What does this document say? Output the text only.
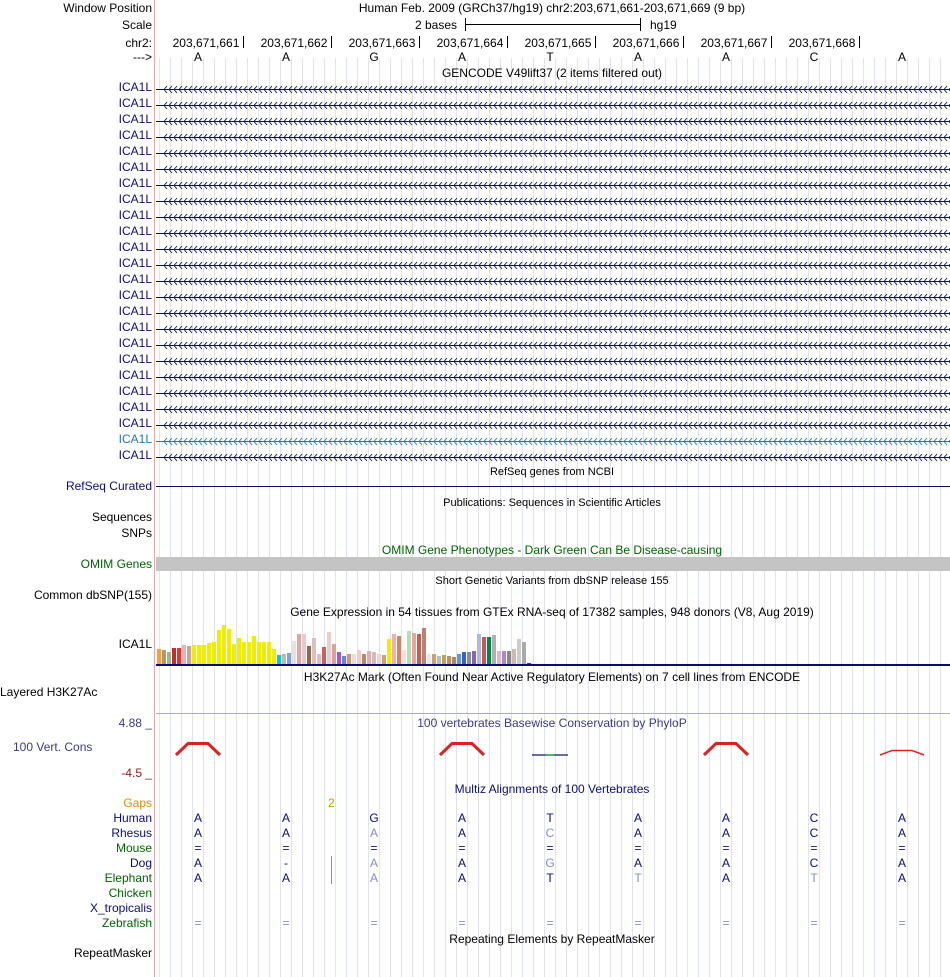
Window Position	Human Feb. 2009 (GRCh37/hg19) chr2:203,671,661-203,671,669 (9 bp)
Scale	2 bases	hg19
chr2: 203,671,661 203,671,662 203,671,663 203,671,664 203,671,665 203,671,666 203,671,667 203,671,668
--->	A	A	G	A	T	A	A	C	A
GENCODE V49lift37 (2 items filtered out)
ICA1L
ICA1L
ICA1L
ICA1L
ICA1L
ICA1L
ICA1L
ICA1L
ICA1L
ICA1L
ICA1L
ICA1L
ICA1L
ICA1L
ICA1L
ICA1L
ICA1L
ICA1L
ICA1L
ICA1L
ICA1L
ICA1L
ICA1L
ICA1L
RefSeq genes from NCBI
RefSeq Curated
Publications: Sequences in Scientific Articles
Sequences
SNPs
OMIM Gene Phenotypes - Dark Green Can Be Disease-causing
OMIM Genes
Short Genetic Variants from dbSNP release 155
Common dbSNP(155)
Gene Expression in 54 tissues from GTEx RNA-seq of 17382 samples, 948 donors (V8, Aug 2019)
ICA1L
H3K27Ac Mark (Often Found Near Active Regulatory Elements) on 7 cell lines from ENCODE
Layered H3K27Ac
100 vertebrates Basewise Conservation by PhyloP
4.88 _
100 Vert. Cons
-4.5 _
Multiz Alignments of 100 Vertebrates
Gaps	2
Human	A	A	G	A	T	A	A	C	A
Rhesus	A	A	A	A	C	A	A	C	A
Mouse	=	=	=	=	=	=	=	=	=
Dog	A	-	A	A	G	A	A	C	A
Elephant	A	A	A	A	T	T	A	T	A
Chicken
X_tropicalis
Zebrafish	=	=	=	=	=	=	=	=	=
Repeating Elements by RepeatMasker
RepeatMasker
